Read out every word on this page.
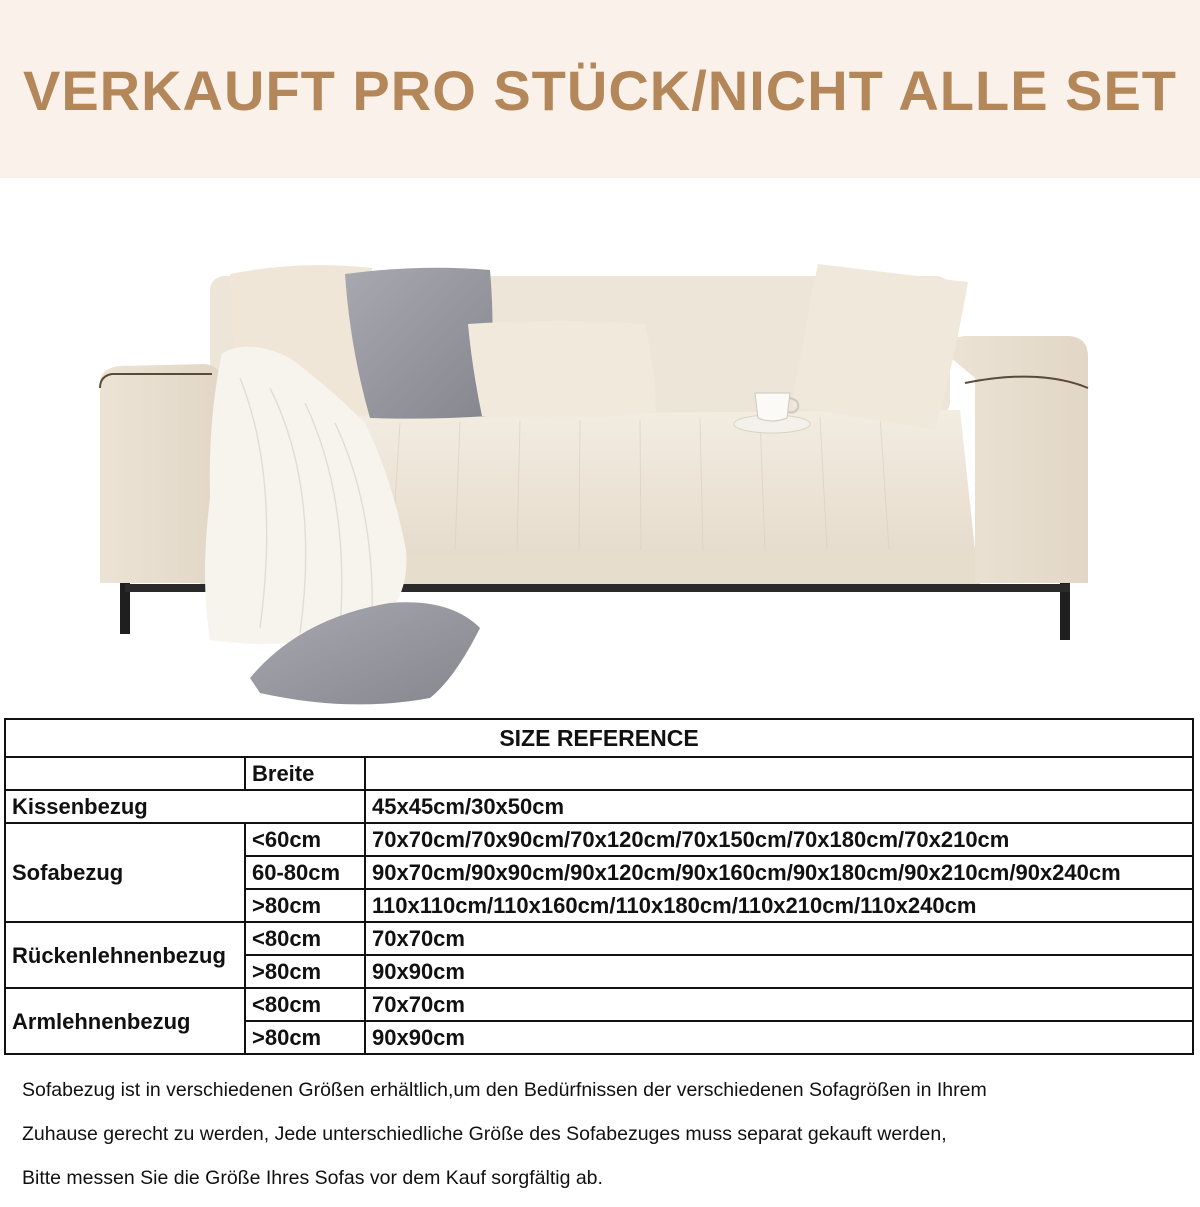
VERKAUFT PRO STÜCK/NICHT ALLE SET
SIZE REFERENCE		
	Breite	
Kissenbezug		45x45cm/30x50cm
Sofabezug	<60cm	70x70cm/70x90cm/70x120cm/70x150cm/70x180cm/70x210cm
	60-80cm	90x70cm/90x90cm/90x120cm/90x160cm/90x180cm/90x210cm/90x240cm
	>80cm	110x110cm/110x160cm/110x180cm/110x210cm/110x240cm
Rückenlehnenbezug	<80cm	70x70cm
	>80cm	90x90cm
Armlehnenbezug	<80cm	70x70cm
	>80cm	90x90cm

Sofabezug ist in verschiedenen Größen erhältlich,um den Bedürfnissen der verschiedenen Sofagrößen in Ihrem

Zuhause gerecht zu werden, Jede unterschiedliche Größe des Sofabezuges muss separat gekauft werden,

Bitte messen Sie die Größe Ihres Sofas vor dem Kauf sorgfältig ab.
